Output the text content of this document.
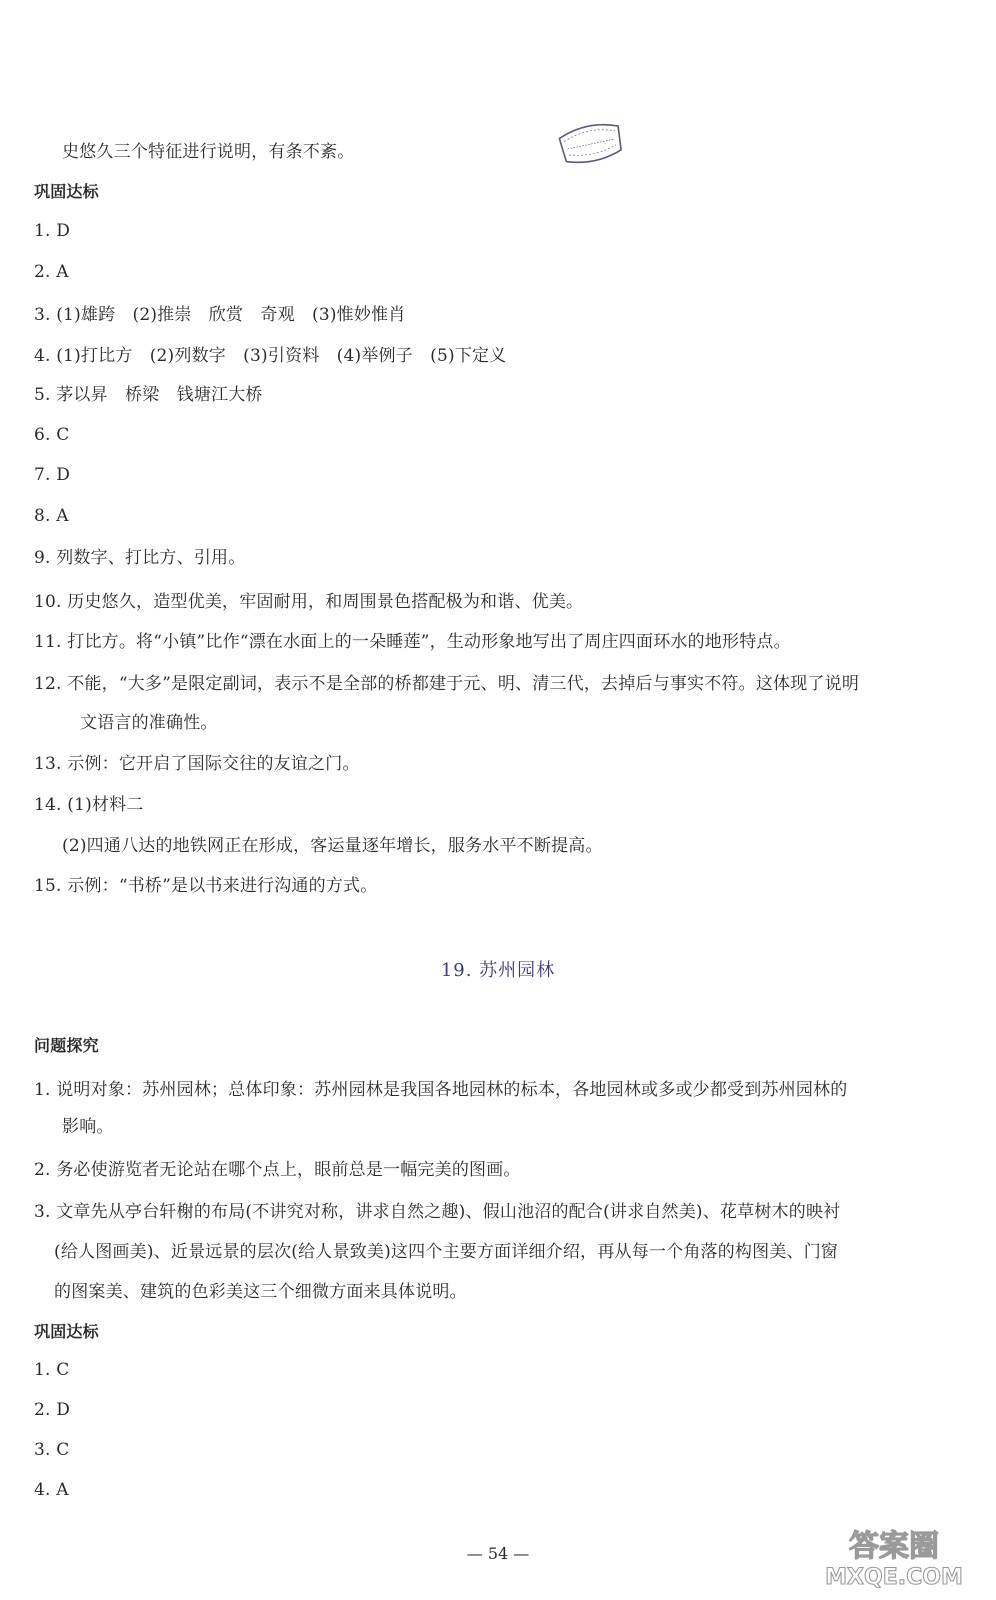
史悠久三个特征进行说明，有条不紊。
巩固达标
1. D
2. A
3. (1)雄跨　(2)推崇　欣赏　奇观　(3)惟妙惟肖
4. (1)打比方　(2)列数字　(3)引资料　(4)举例子　(5)下定义
5. 茅以昇　桥梁　钱塘江大桥
6. C
7. D
8. A
9. 列数字、打比方、引用。
10. 历史悠久，造型优美，牢固耐用，和周围景色搭配极为和谐、优美。
11. 打比方。将“小镇”比作“漂在水面上的一朵睡莲”，生动形象地写出了周庄四面环水的地形特点。
12. 不能，“大多”是限定副词，表示不是全部的桥都建于元、明、清三代，去掉后与事实不符。这体现了说明
文语言的准确性。
13. 示例：它开启了国际交往的友谊之门。
14. (1)材料二
(2)四通八达的地铁网正在形成，客运量逐年增长，服务水平不断提高。
15. 示例：“书桥”是以书来进行沟通的方式。
19. 苏州园林
问题探究
1. 说明对象：苏州园林；总体印象：苏州园林是我国各地园林的标本，各地园林或多或少都受到苏州园林的
影响。
2. 务必使游览者无论站在哪个点上，眼前总是一幅完美的图画。
3. 文章先从亭台轩榭的布局(不讲究对称，讲求自然之趣)、假山池沼的配合(讲求自然美)、花草树木的映衬
(给人图画美)、近景远景的层次(给人景致美)这四个主要方面详细介绍，再从每一个角落的构图美、门窗
的图案美、建筑的色彩美这三个细微方面来具体说明。
巩固达标
1. C
2. D
3. C
4. A
— 54 —	答案圈
MXQE.COM
